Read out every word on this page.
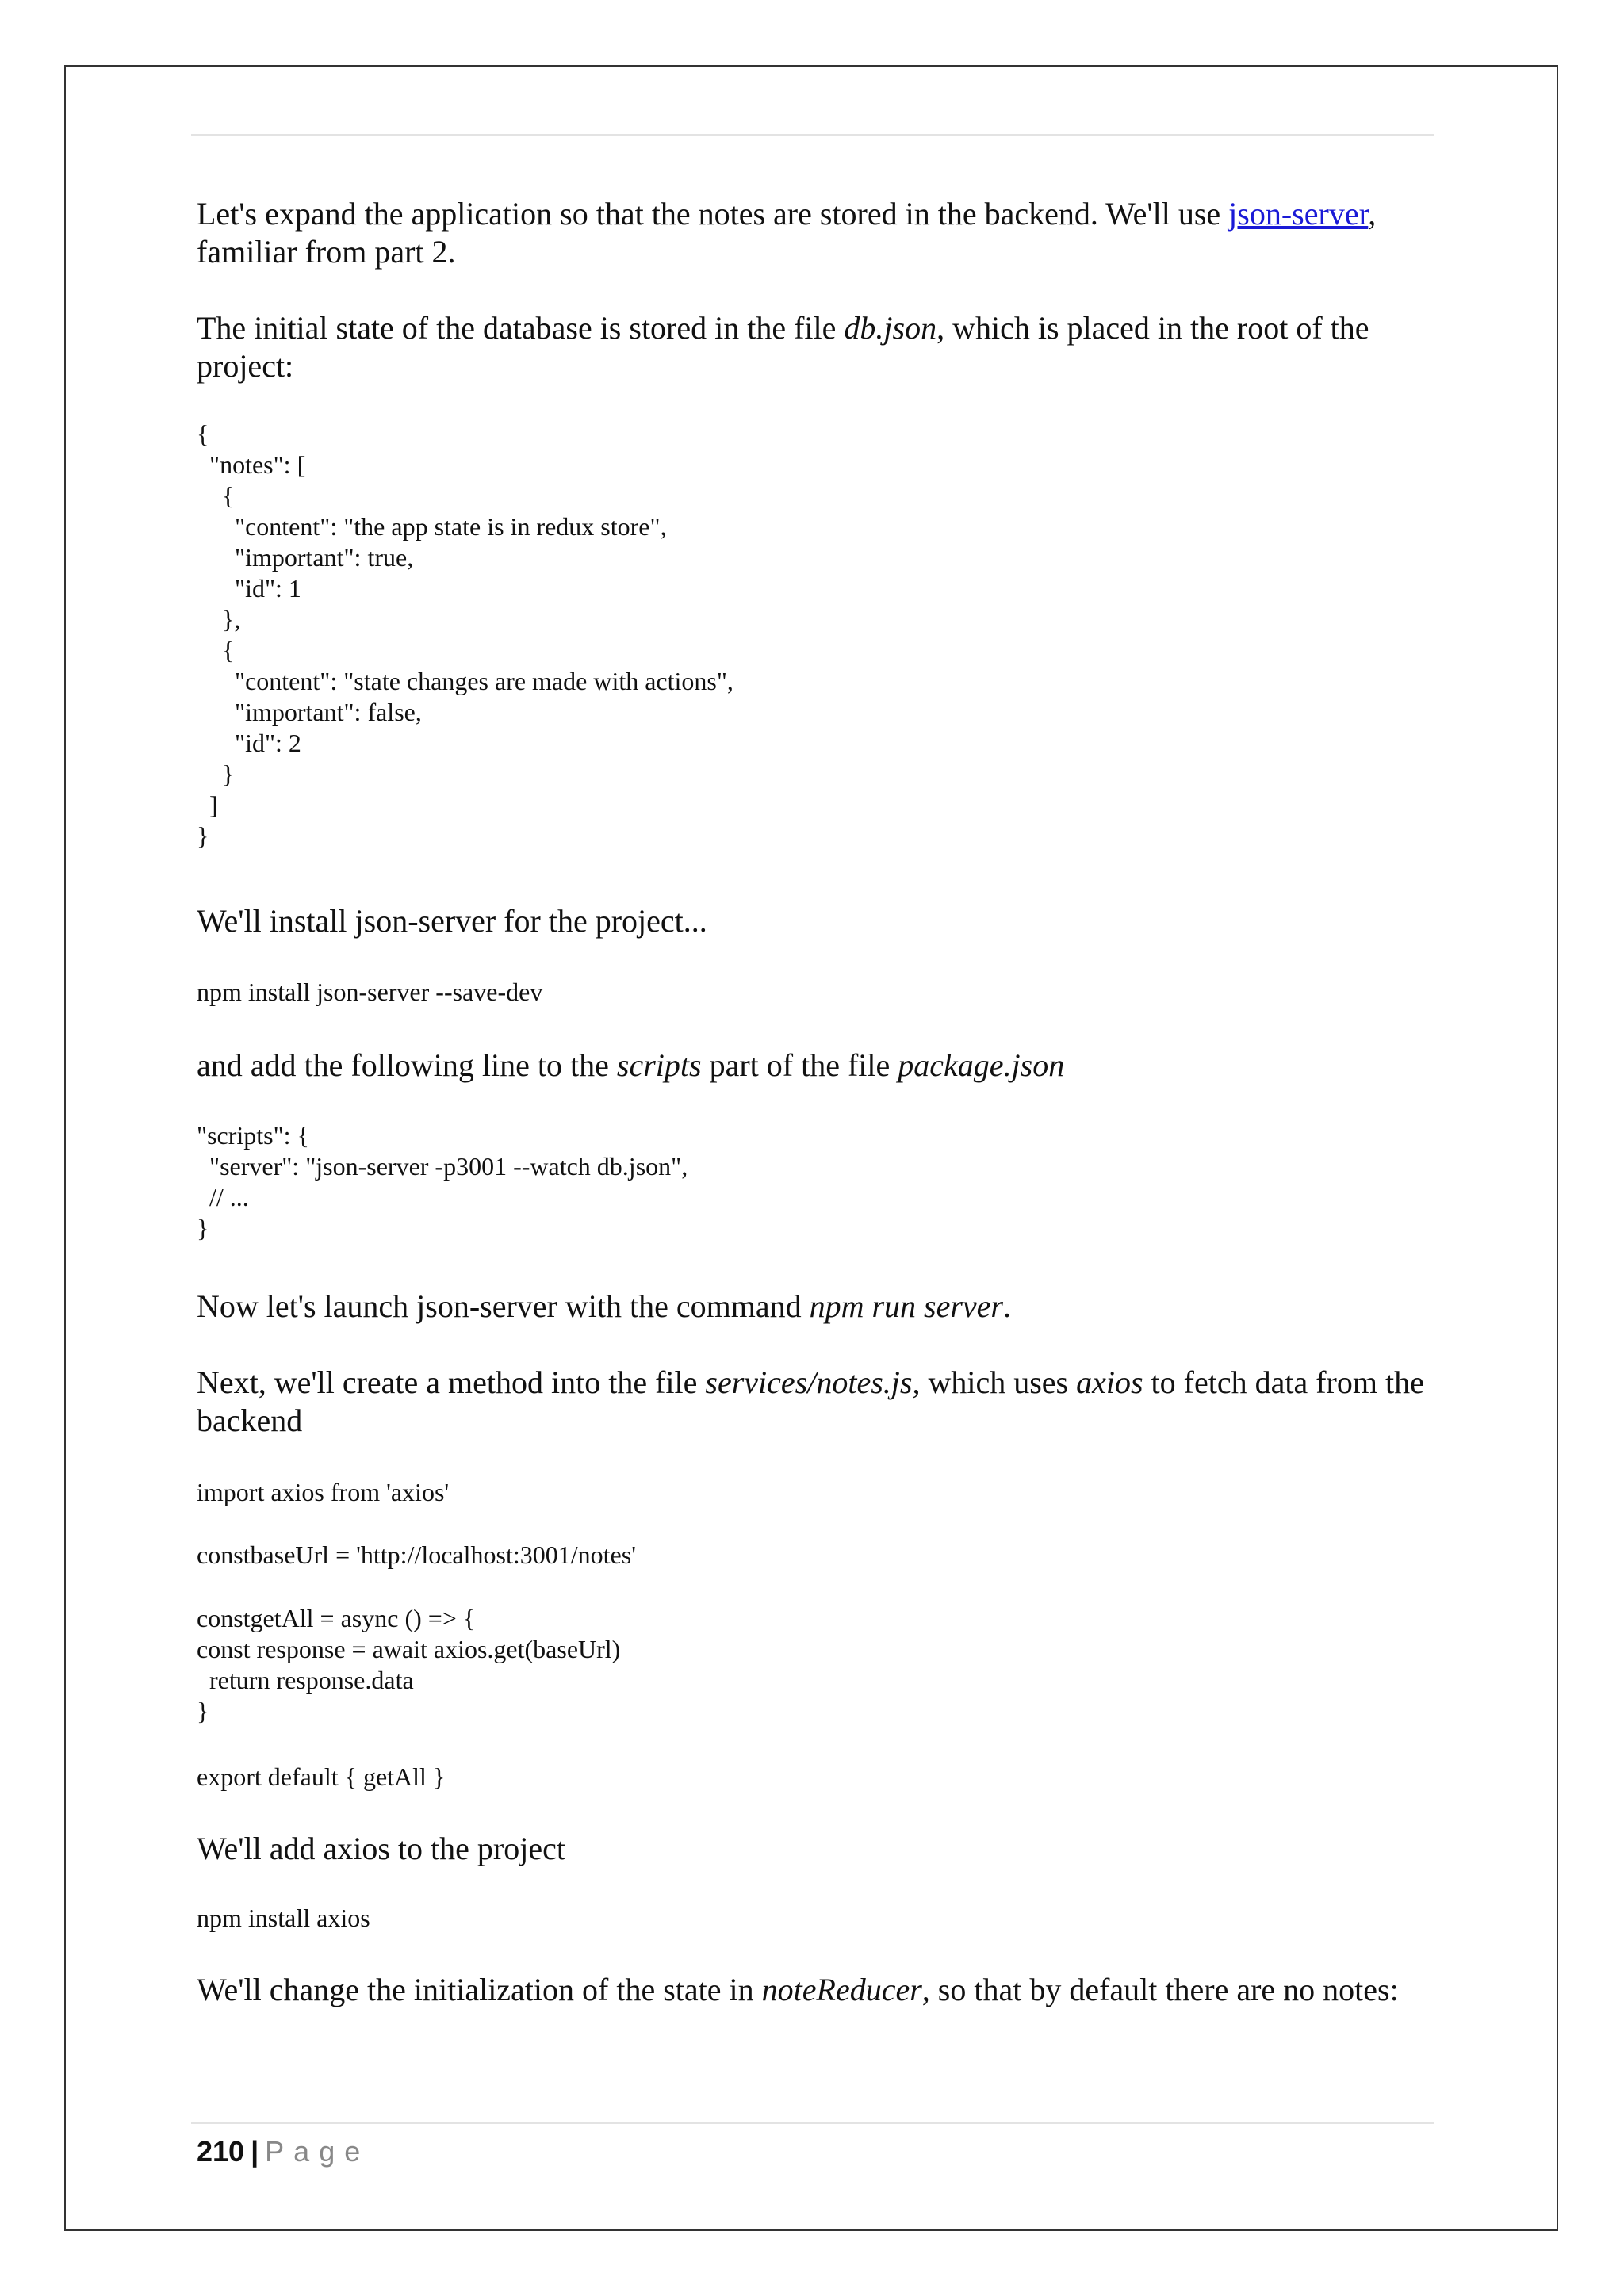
Let's expand the application so that the notes are stored in the backend. We'll use json-server, familiar from part 2.

The initial state of the database is stored in the file db.json, which is placed in the root of the project:

{
"notes": [
{
"content": "the app state is in redux store",
"important": true,
"id": 1
},
{
"content": "state changes are made with actions",
"important": false,
"id": 2
}
]
}

We'll install json-server for the project...

npm install json-server --save-dev

and add the following line to the scripts part of the file package.json

"scripts": {
"server": "json-server -p3001 --watch db.json",
// ...
}

Now let's launch json-server with the command npm run server.

Next, we'll create a method into the file services/notes.js, which uses axios to fetch data from the backend

import axios from 'axios'
constbaseUrl = 'http://localhost:3001/notes'
constgetAll = async () => {
const response = await axios.get(baseUrl)
return response.data
}
export default { getAll }

We'll add axios to the project

npm install axios

We'll change the initialization of the state in noteReducer, so that by default there are no notes:

210 | Page
